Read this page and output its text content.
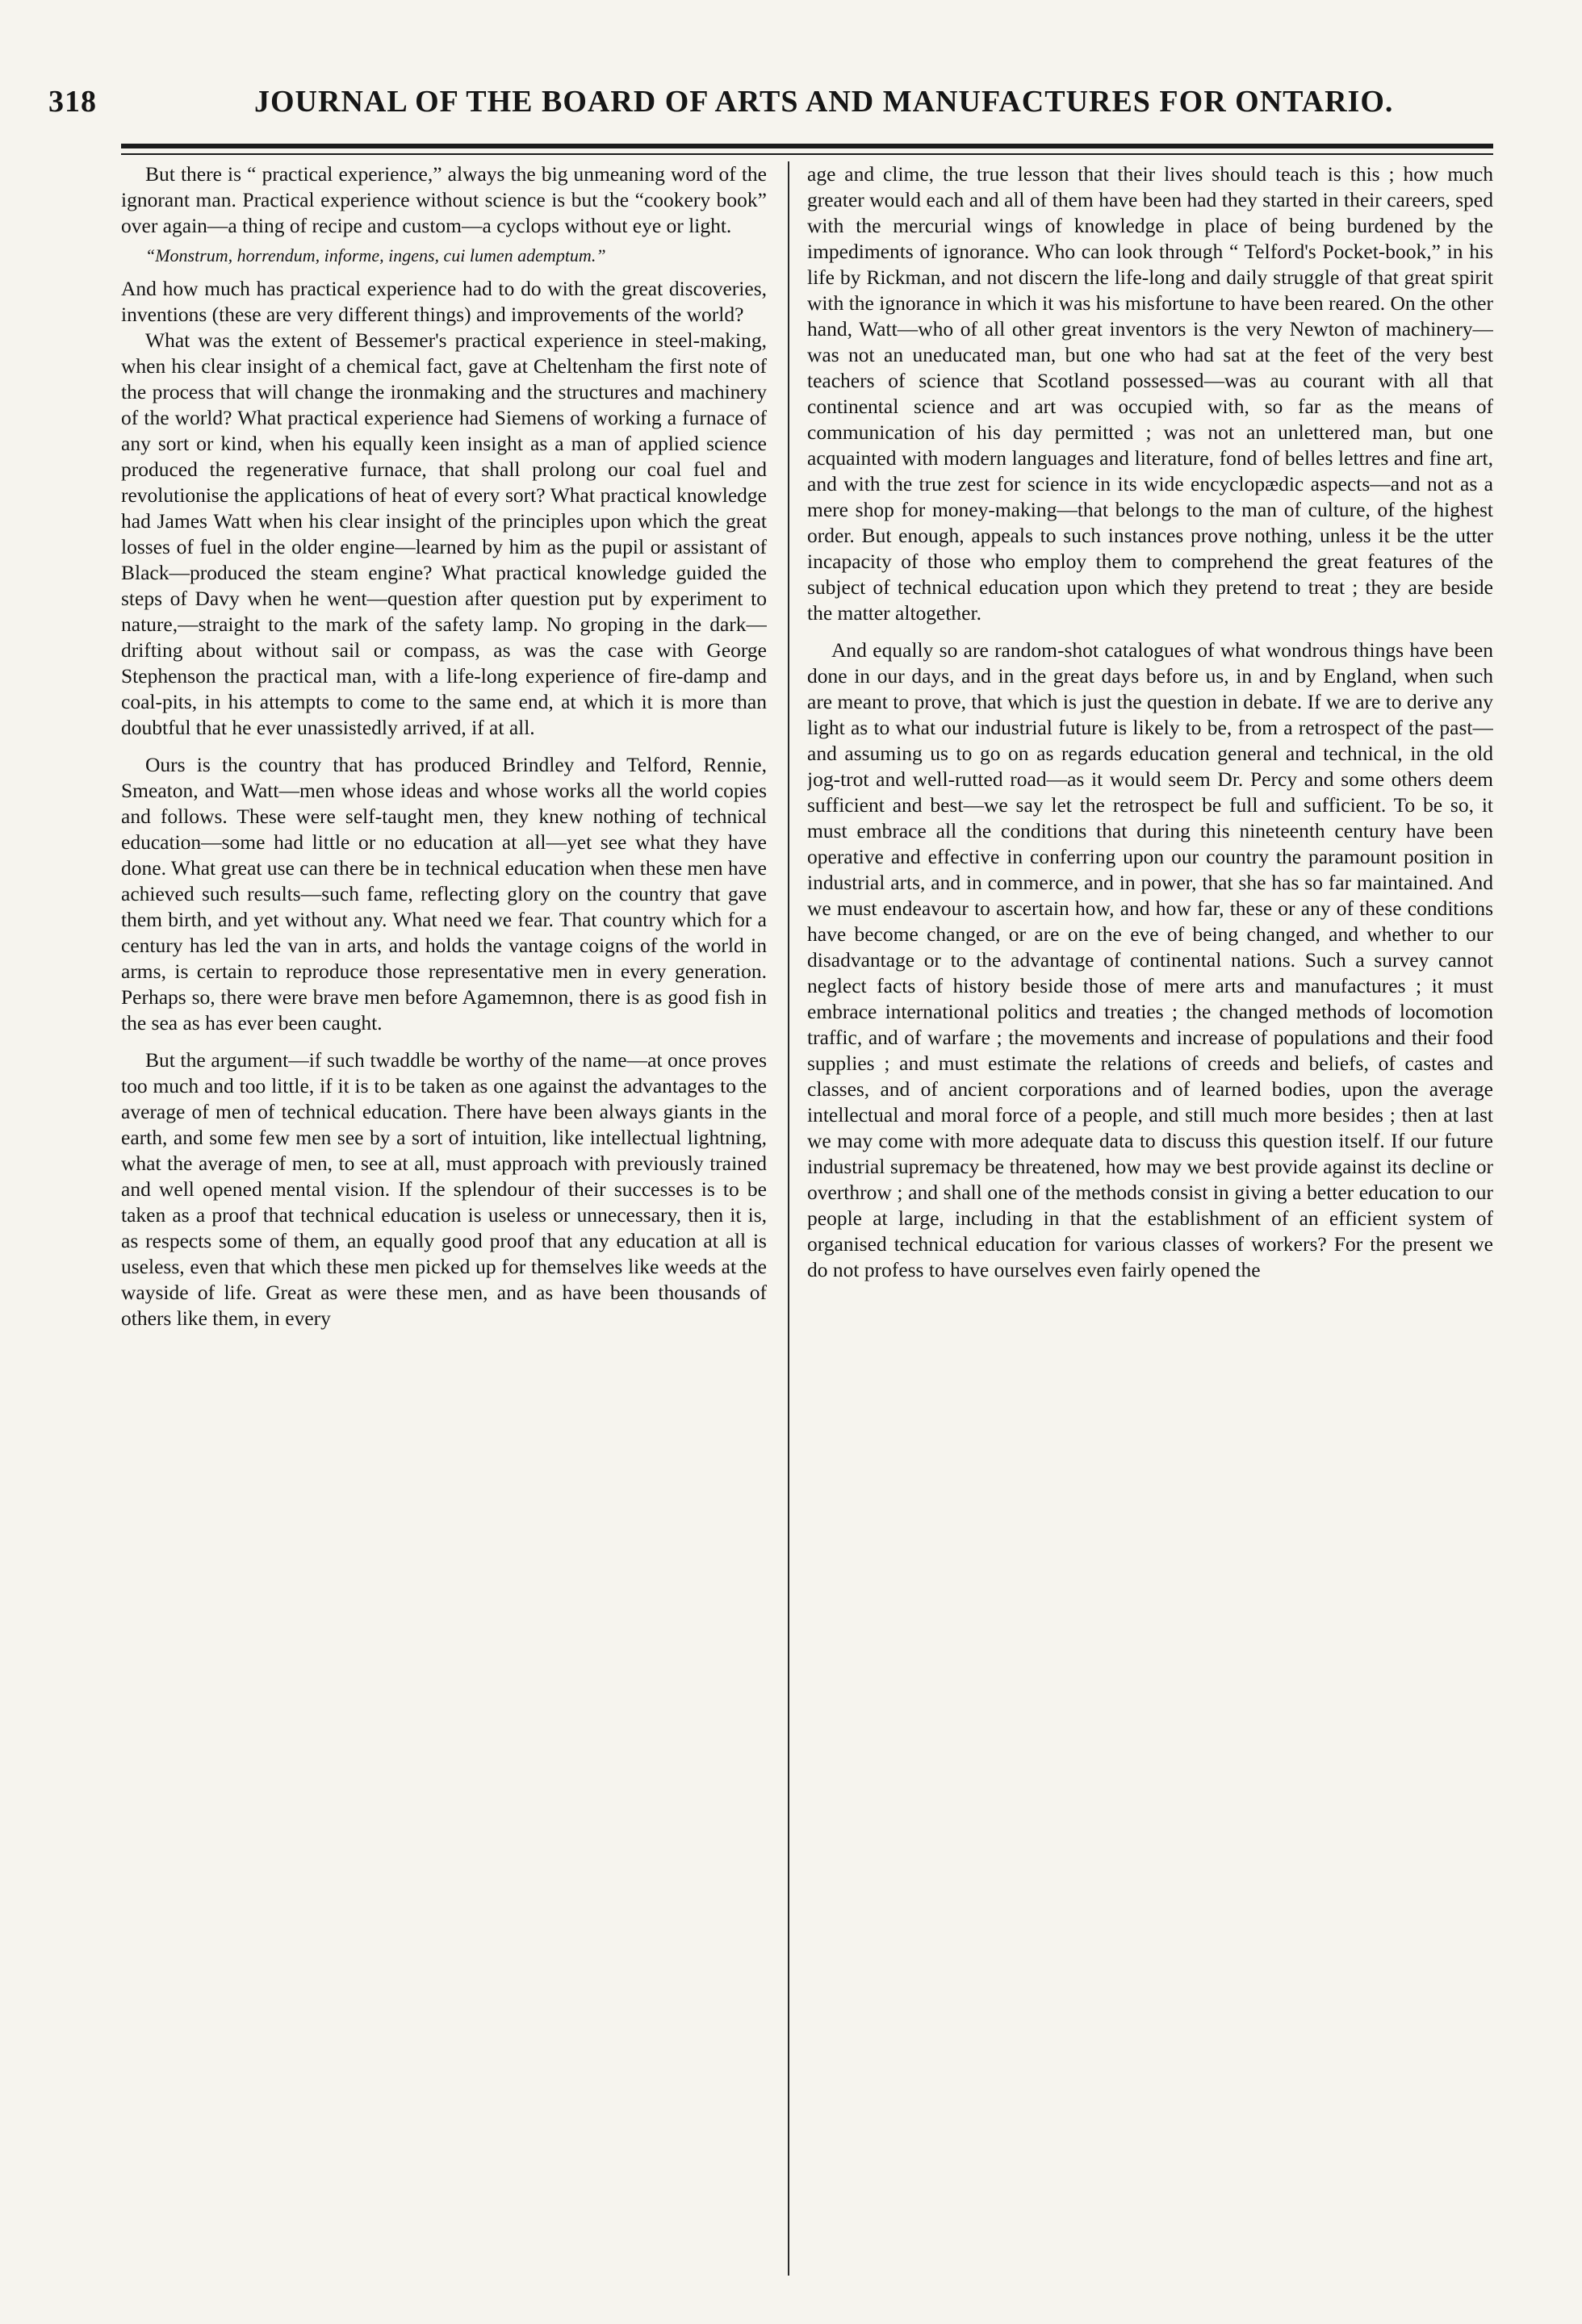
318	JOURNAL OF THE BOARD OF ARTS AND MANUFACTURES FOR ONTARIO.

But there is “ practical experience,” always the big unmeaning word of the ignorant man. Practical experience without science is but the “cookery book” over again—a thing of recipe and custom—a cyclops without eye or light.

“Monstrum, horrendum, informe, ingens, cui lumen ademptum.”

And how much has practical experience had to do with the great discoveries, inventions (these are very different things) and improvements of the world?

What was the extent of Bessemer's practical experience in steel-making, when his clear insight of a chemical fact, gave at Cheltenham the first note of the process that will change the ironmaking and the structures and machinery of the world? What practical experience had Siemens of working a furnace of any sort or kind, when his equally keen insight as a man of applied science produced the regenerative furnace, that shall prolong our coal fuel and revolutionise the applications of heat of every sort? What practical knowledge had James Watt when his clear insight of the principles upon which the great losses of fuel in the older engine—learned by him as the pupil or assistant of Black—produced the steam engine? What practical knowledge guided the steps of Davy when he went—question after question put by experiment to nature,—straight to the mark of the safety lamp. No groping in the dark—drifting about without sail or compass, as was the case with George Stephenson the practical man, with a life-long experience of fire-damp and coal-pits, in his attempts to come to the same end, at which it is more than doubtful that he ever unassistedly arrived, if at all.

Ours is the country that has produced Brindley and Telford, Rennie, Smeaton, and Watt—men whose ideas and whose works all the world copies and follows. These were self-taught men, they knew nothing of technical education—some had little or no education at all—yet see what they have done. What great use can there be in technical education when these men have achieved such results—such fame, reflecting glory on the country that gave them birth, and yet without any. What need we fear. That country which for a century has led the van in arts, and holds the vantage coigns of the world in arms, is certain to reproduce those representative men in every generation. Perhaps so, there were brave men before Agamemnon, there is as good fish in the sea as has ever been caught.

But the argument—if such twaddle be worthy of the name—at once proves too much and too little, if it is to be taken as one against the advantages to the average of men of technical education. There have been always giants in the earth, and some few men see by a sort of intuition, like intellectual lightning, what the average of men, to see at all, must approach with previously trained and well opened mental vision. If the splendour of their successes is to be taken as a proof that technical education is useless or unnecessary, then it is, as respects some of them, an equally good proof that any education at all is useless, even that which these men picked up for themselves like weeds at the wayside of life. Great as were these men, and as have been thousands of others like them, in every

age and clime, the true lesson that their lives should teach is this ; how much greater would each and all of them have been had they started in their careers, sped with the mercurial wings of knowledge in place of being burdened by the impediments of ignorance. Who can look through “ Telford's Pocket-book,” in his life by Rickman, and not discern the life-long and daily struggle of that great spirit with the ignorance in which it was his misfortune to have been reared. On the other hand, Watt—who of all other great inventors is the very Newton of machinery—was not an uneducated man, but one who had sat at the feet of the very best teachers of science that Scotland possessed—was au courant with all that continental science and art was occupied with, so far as the means of communication of his day permitted ; was not an unlettered man, but one acquainted with modern languages and literature, fond of belles lettres and fine art, and with the true zest for science in its wide encyclopædic aspects—and not as a mere shop for money-making—that belongs to the man of culture, of the highest order. But enough, appeals to such instances prove nothing, unless it be the utter incapacity of those who employ them to comprehend the great features of the subject of technical education upon which they pretend to treat ; they are beside the matter altogether.

And equally so are random-shot catalogues of what wondrous things have been done in our days, and in the great days before us, in and by England, when such are meant to prove, that which is just the question in debate. If we are to derive any light as to what our industrial future is likely to be, from a retrospect of the past—and assuming us to go on as regards education general and technical, in the old jog-trot and well-rutted road—as it would seem Dr. Percy and some others deem sufficient and best—we say let the retrospect be full and sufficient. To be so, it must embrace all the conditions that during this nineteenth century have been operative and effective in conferring upon our country the paramount position in industrial arts, and in commerce, and in power, that she has so far maintained. And we must endeavour to ascertain how, and how far, these or any of these conditions have become changed, or are on the eve of being changed, and whether to our disadvantage or to the advantage of continental nations. Such a survey cannot neglect facts of history beside those of mere arts and manufactures ; it must embrace international politics and treaties ; the changed methods of locomotion traffic, and of warfare ; the movements and increase of populations and their food supplies ; and must estimate the relations of creeds and beliefs, of castes and classes, and of ancient corporations and of learned bodies, upon the average intellectual and moral force of a people, and still much more besides ; then at last we may come with more adequate data to discuss this question itself. If our future industrial supremacy be threatened, how may we best provide against its decline or overthrow ; and shall one of the methods consist in giving a better education to our people at large, including in that the establishment of an efficient system of organised technical education for various classes of workers? For the present we do not profess to have ourselves even fairly opened the
